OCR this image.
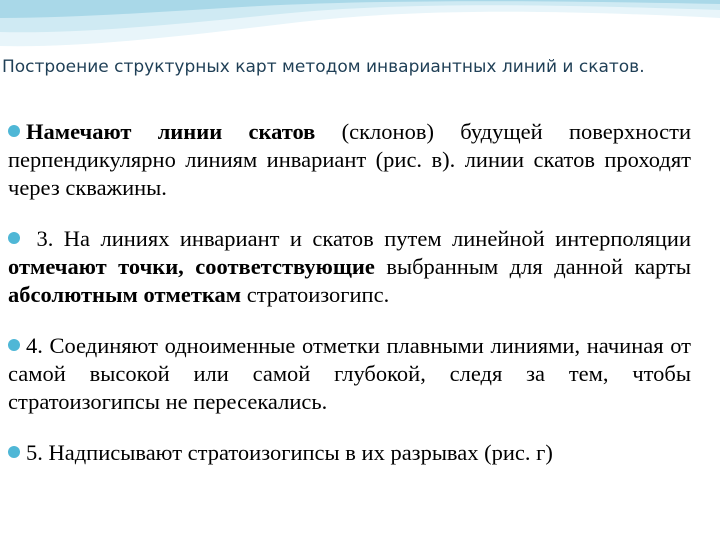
Построение структурных карт методом инвариантных линий и скатов.

Намечают линии скатов (склонов) будущей поверхности перпендикулярно линиям инвариант (рис. в). линии скатов проходят через скважины.

3. На линиях инвариант и скатов путем линейной интерполяции отмечают точки, соответствующие выбранным для данной карты абсолютным отметкам стратоизогипс.

4. Соединяют одноименные отметки плавными линиями, начиная от самой высокой или самой глубокой, следя за тем, чтобы стратоизогипсы не пересекались.

5. Надписывают стратоизогипсы в их разрывах (рис. г)
